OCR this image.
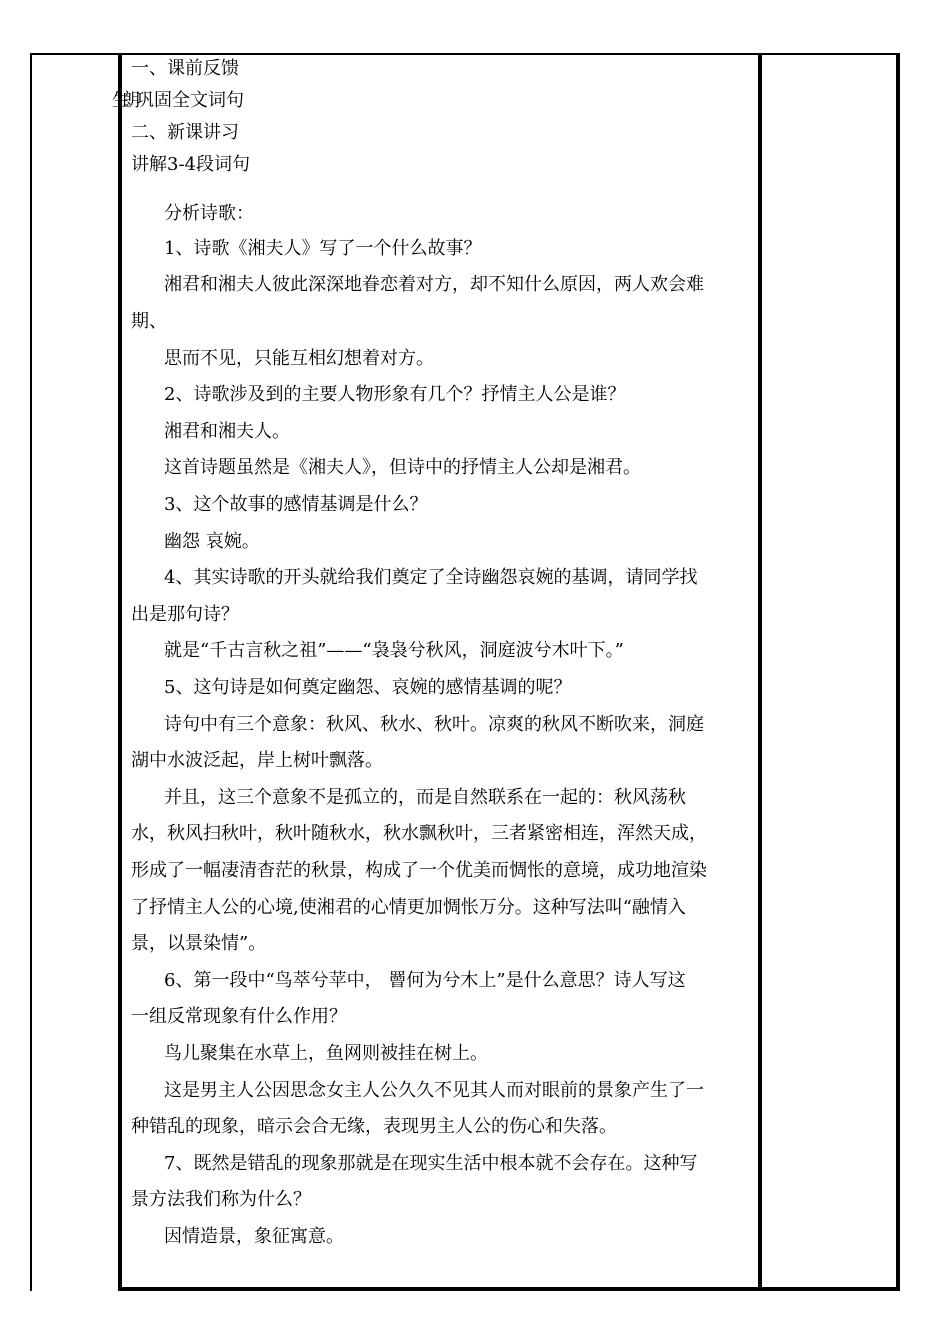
一、课前反馈
生朗 巩固全文词句
二、新课讲习
讲解3-4段词句
分析诗歌：
1、诗歌《湘夫人》写了一个什么故事？
湘君和湘夫人彼此深深地眷恋着对方，却不知什么原因，两人欢会难
期、
思而不见，只能互相幻想着对方。
2、诗歌涉及到的主要人物形象有几个？抒情主人公是谁？
湘君和湘夫人。
这首诗题虽然是《湘夫人》，但诗中的抒情主人公却是湘君。
3、这个故事的感情基调是什么？
幽怨 哀婉。
4、其实诗歌的开头就给我们奠定了全诗幽怨哀婉的基调，请同学找
出是那句诗？
就是“千古言秋之祖”——“袅袅兮秋风，洞庭波兮木叶下。”
5、这句诗是如何奠定幽怨、哀婉的感情基调的呢？
诗句中有三个意象：秋风、秋水、秋叶。凉爽的秋风不断吹来，洞庭
湖中水波泛起，岸上树叶飘落。
并且，这三个意象不是孤立的，而是自然联系在一起的：秋风荡秋
水，秋风扫秋叶，秋叶随秋水，秋水飘秋叶，三者紧密相连，浑然天成，
形成了一幅凄清杳茫的秋景，构成了一个优美而惆怅的意境，成功地渲染
了抒情主人公的心境,使湘君的心情更加惆怅万分。这种写法叫“融情入
景，以景染情”。
6、第一段中“鸟萃兮苹中， 罾何为兮木上”是什么意思？诗人写这
一组反常现象有什么作用？
鸟儿聚集在水草上，鱼网则被挂在树上。
这是男主人公因思念女主人公久久不见其人而对眼前的景象产生了一
种错乱的现象，暗示会合无缘，表现男主人公的伤心和失落。
7、既然是错乱的现象那就是在现实生活中根本就不会存在。这种写
景方法我们称为什么？
因情造景，象征寓意。
